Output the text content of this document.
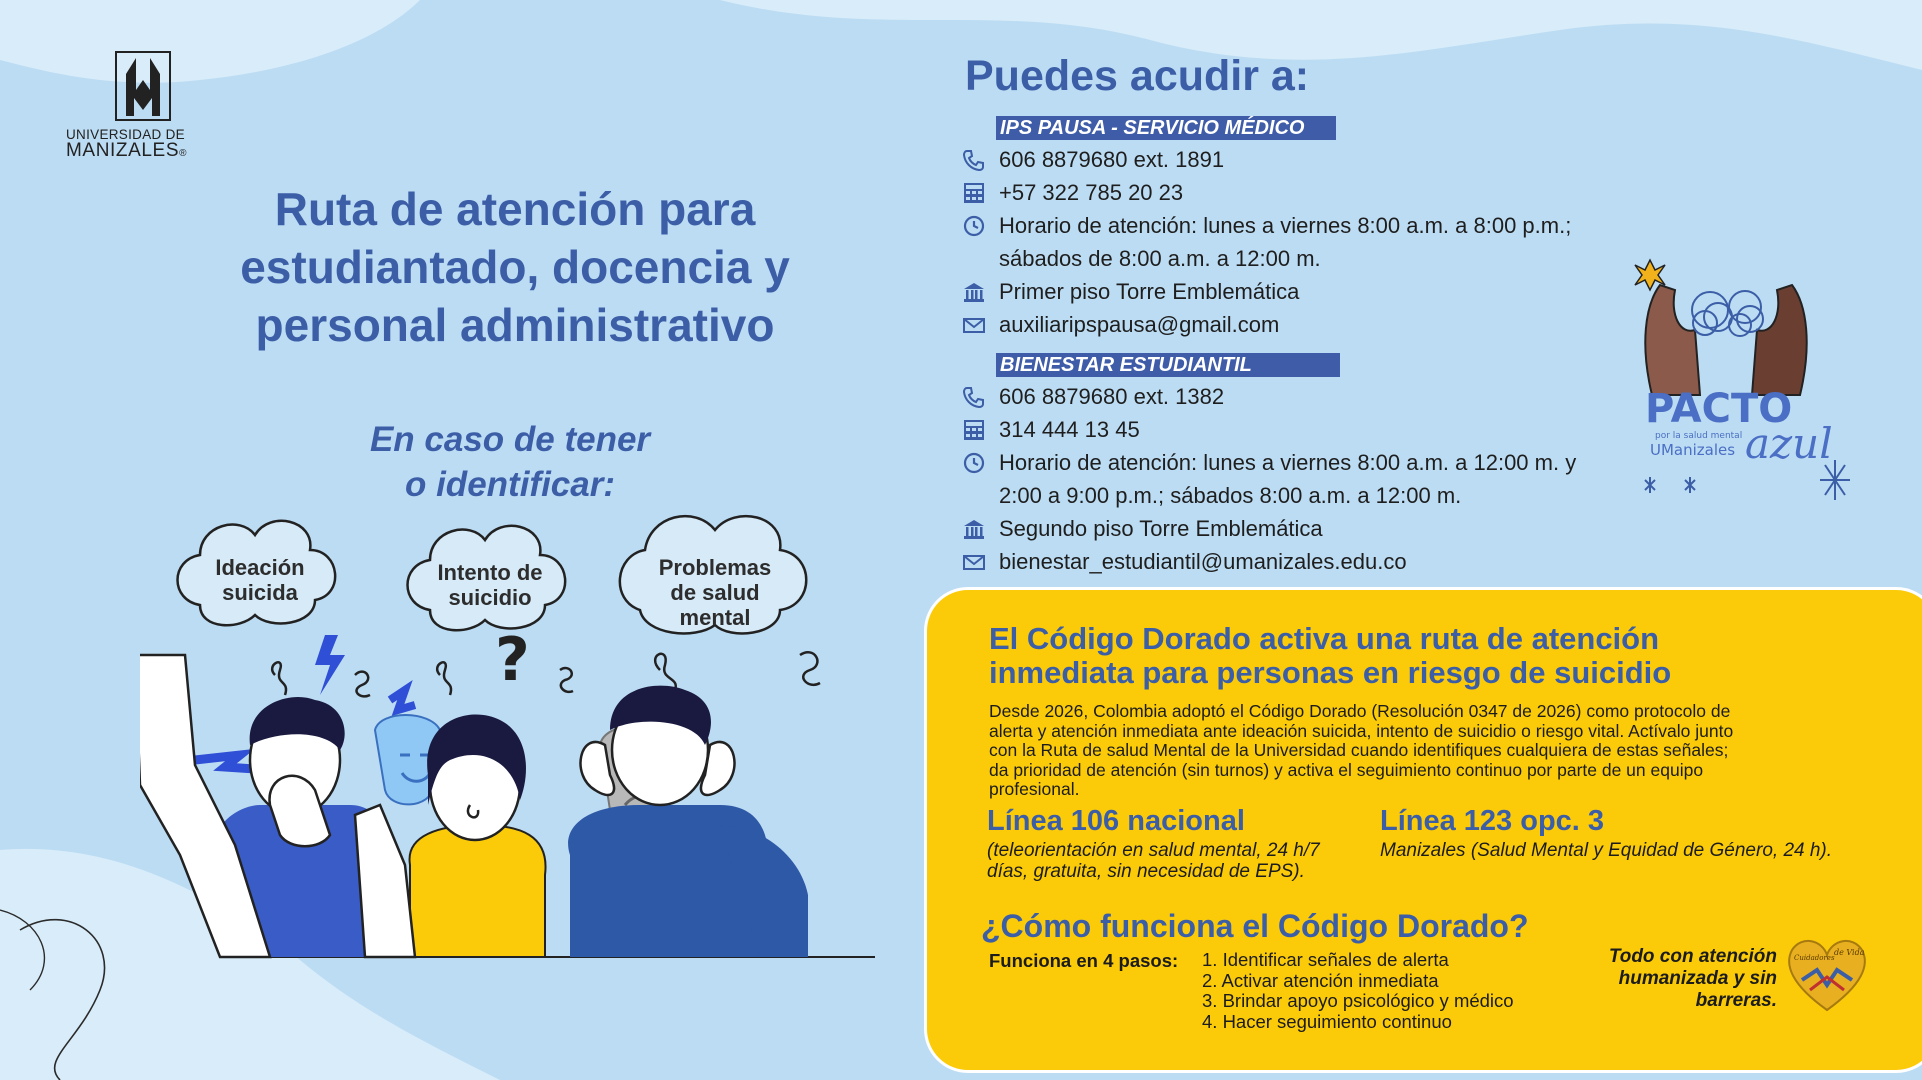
UNIVERSIDAD DE
MANIZALES®
Ruta de atención para
estudiantado, docencia y
personal administrativo
En caso de tener
o identificar:
?
Ideación
suicida
Intento de
suicidio
Problemas
de salud
mental
Puedes acudir a:
IPS PAUSA - SERVICIO MÉDICO
606 8879680 ext. 1891
+57 322 785 20 23
Horario de atención: lunes a viernes 8:00 a.m. a 8:00 p.m.;
sábados de 8:00 a.m. a 12:00 m.
Primer piso Torre Emblemática
auxiliaripspausa@gmail.com
BIENESTAR ESTUDIANTIL
606 8879680 ext. 1382
314 444 13 45
Horario de atención: lunes a viernes 8:00 a.m. a 12:00 m. y
2:00 a 9:00 p.m.; sábados 8:00 a.m. a 12:00 m.
Segundo piso Torre Emblemática
bienestar_estudiantil@umanizales.edu.co
PACTO
por la salud mental
UManizales azul
El Código Dorado activa una ruta de atención
inmediata para personas en riesgo de suicidio
Desde 2026, Colombia adoptó el Código Dorado (Resolución 0347 de 2026) como protocolo de
alerta y atención inmediata ante ideación suicida, intento de suicidio o riesgo vital. Actívalo junto
con la Ruta de salud Mental de la Universidad cuando identifiques cualquiera de estas señales;
da prioridad de atención (sin turnos) y activa el seguimiento continuo por parte de un equipo
profesional.
Línea 106 nacional
(teleorientación en salud mental, 24 h/7
días, gratuita, sin necesidad de EPS).
Línea 123 opc. 3
Manizales (Salud Mental y Equidad de Género, 24 h).
¿Cómo funciona el Código Dorado?
Funciona en 4 pasos: 1. Identificar señales de alerta
2. Activar atención inmediata
3. Brindar apoyo psicológico y médico
4. Hacer seguimiento continuo
Todo con atención
humanizada y sin
barreras.
Cuidadores
de Vida
